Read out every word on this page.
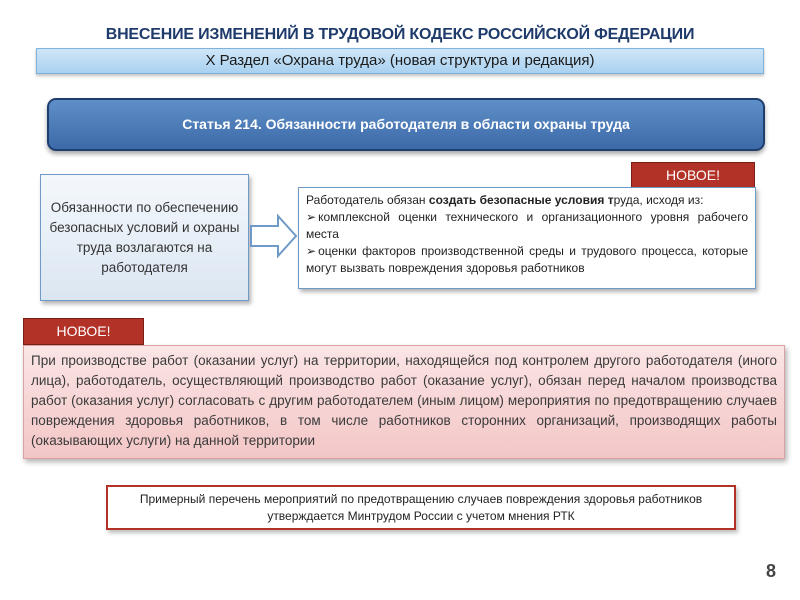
ВНЕСЕНИЕ ИЗМЕНЕНИЙ В ТРУДОВОЙ КОДЕКС РОССИЙСКОЙ ФЕДЕРАЦИИ
Х Раздел «Охрана труда» (новая структура и редакция)
Статья 214. Обязанности работодателя в области охраны труда
НОВОЕ!
Обязанности по обеспечению безопасных условий и охраны труда возлагаются на работодателя
Работодатель обязан создать безопасные условия труда, исходя из:
➢ комплексной оценки технического и организационного уровня рабочего места
➢ оценки факторов производственной среды и трудового процесса, которые могут вызвать повреждения здоровья работников
НОВОЕ!
При производстве работ (оказании услуг) на территории, находящейся под контролем другого работодателя (иного лица), работодатель, осуществляющий производство работ (оказание услуг), обязан перед началом производства работ (оказания услуг) согласовать с другим работодателем (иным лицом) мероприятия по предотвращению случаев повреждения здоровья работников, в том числе работников сторонних организаций, производящих работы (оказывающих услуги) на данной территории
Примерный перечень мероприятий по предотвращению случаев повреждения здоровья работников
утверждается Минтрудом России с учетом мнения РТК
8
